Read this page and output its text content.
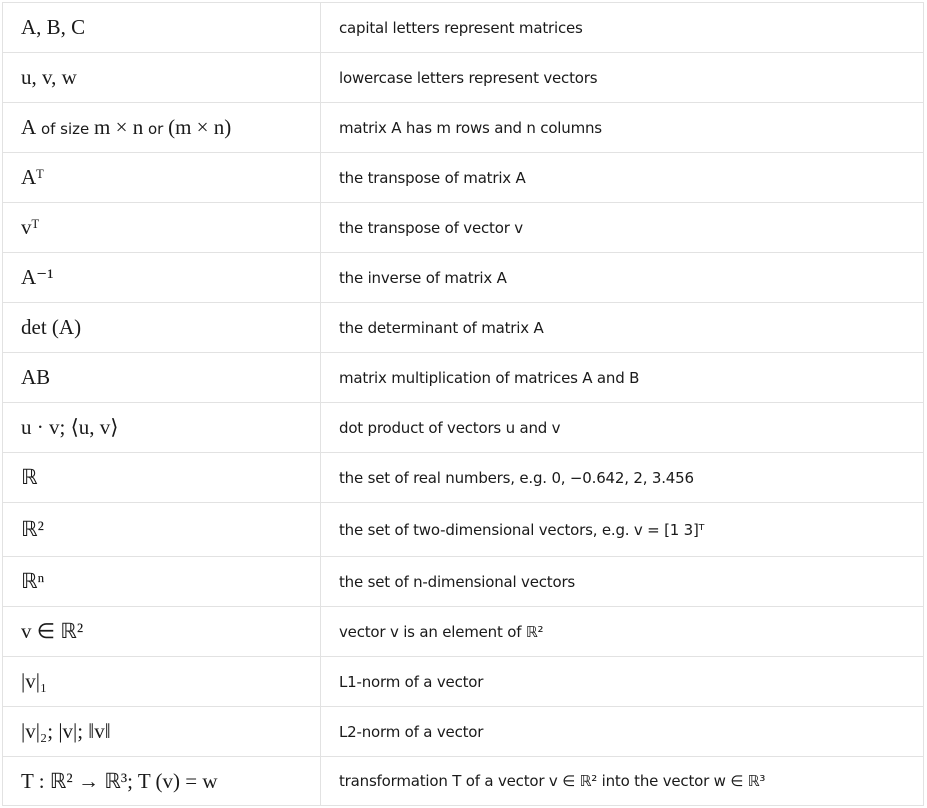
A, B, C	capital letters represent matrices
u, v, w	lowercase letters represent vectors
A of size m × n or (m × n)	matrix A has m rows and n columns
Aᵀ	the transpose of matrix A
vᵀ	the transpose of vector v
A⁻¹	the inverse of matrix A
det (A)	the determinant of matrix A
AB	matrix multiplication of matrices A and B
u · v; ⟨u, v⟩	dot product of vectors u and v
ℝ	the set of real numbers, e.g. 0, −0.642, 2, 3.456
ℝ²	the set of two-dimensional vectors, e.g. v = [1 3]ᵀ
ℝⁿ	the set of n-dimensional vectors
v ∈ ℝ²	vector v is an element of ℝ²
|v|₁	L1-norm of a vector
|v|₂; |v|; ‖v‖	L2-norm of a vector
T : ℝ² → ℝ³; T (v) = w	transformation T of a vector v ∈ ℝ² into the vector w ∈ ℝ³
